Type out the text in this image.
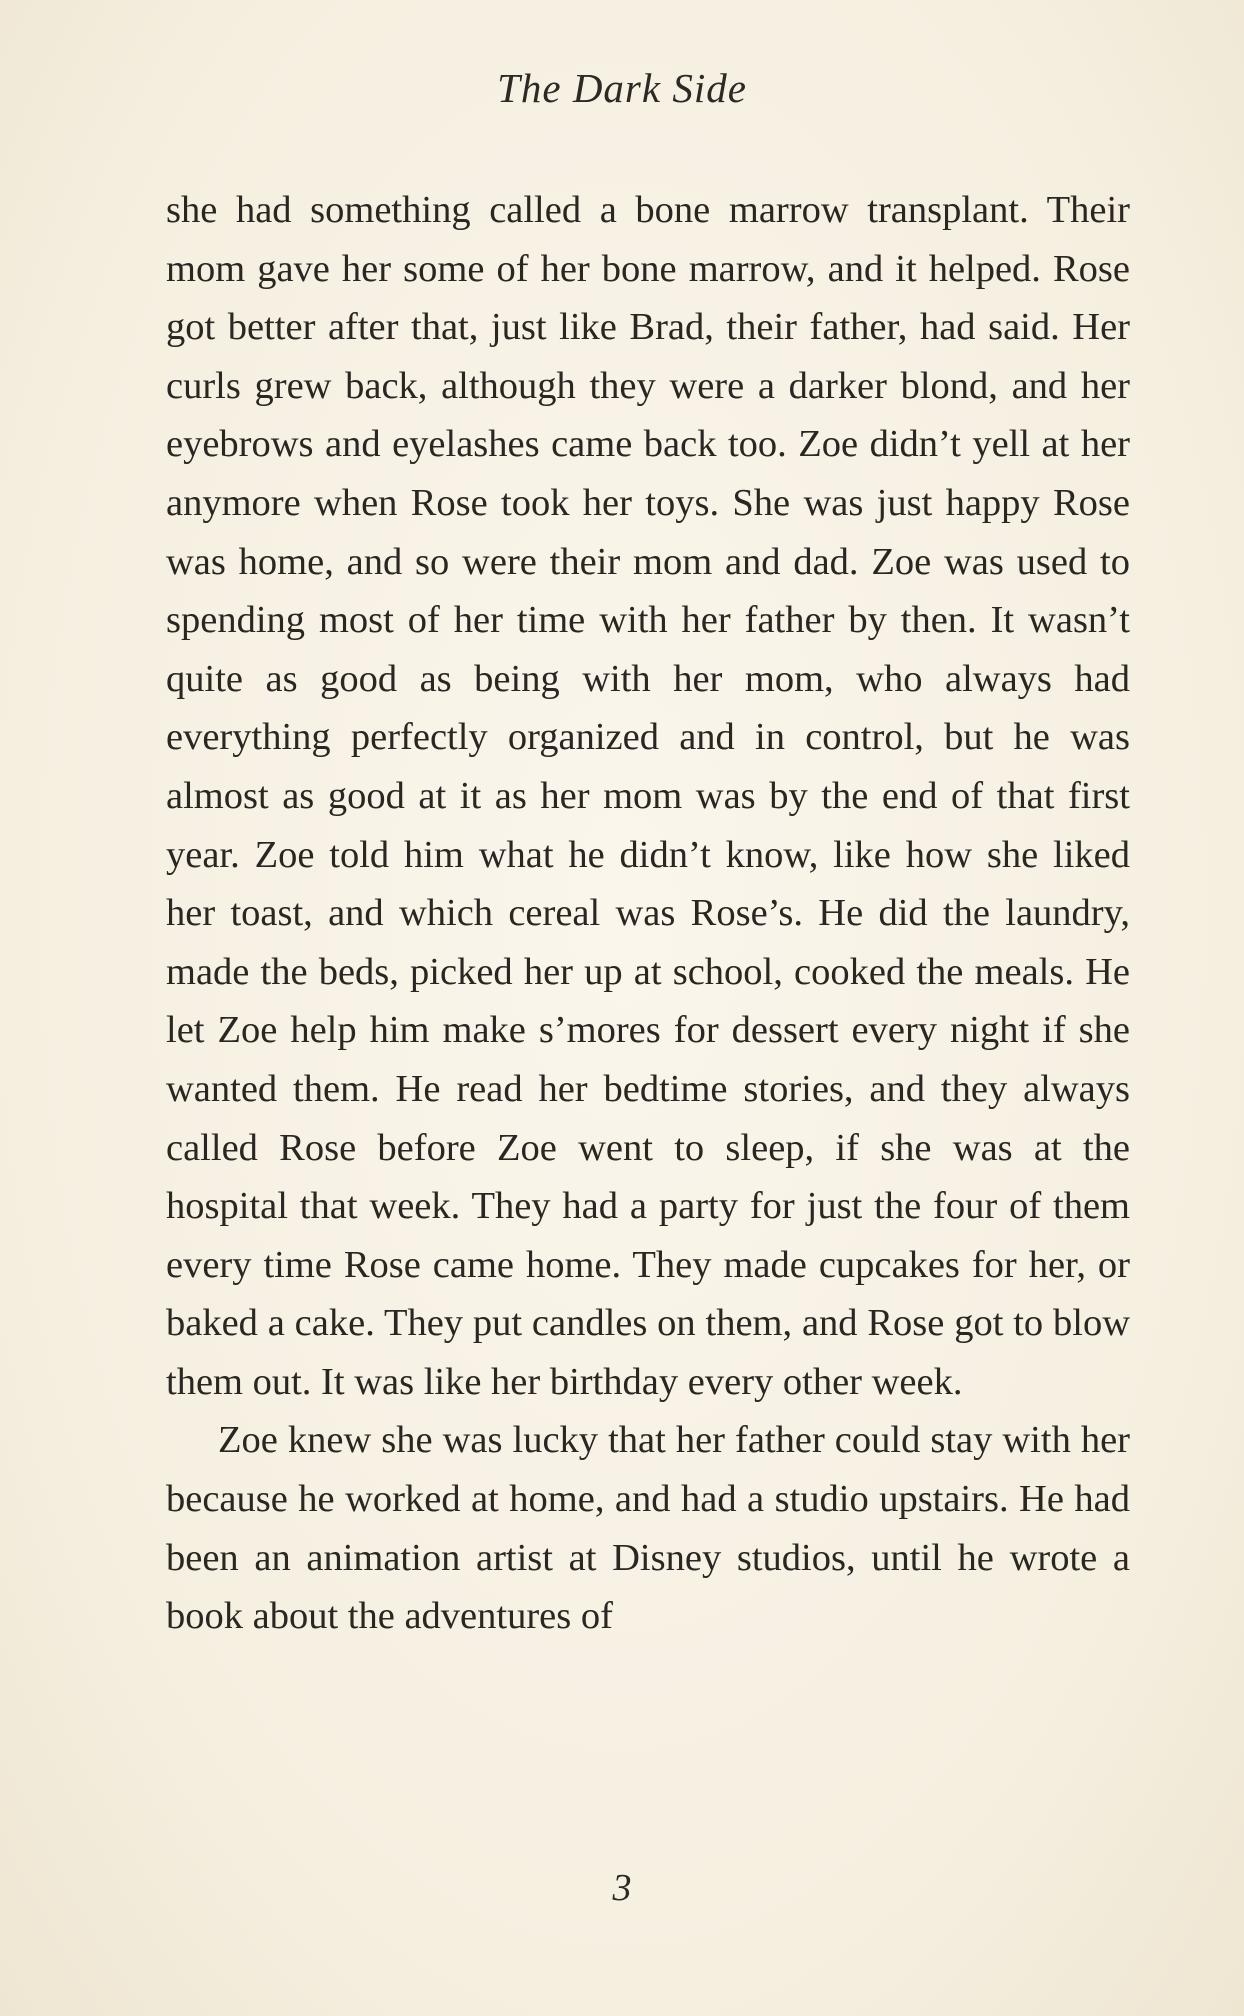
The Dark Side

she had something called a bone marrow transplant. Their mom gave her some of her bone marrow, and it helped. Rose got better after that, just like Brad, their father, had said. Her curls grew back, although they were a darker blond, and her eyebrows and eyelashes came back too. Zoe didn’t yell at her anymore when Rose took her toys. She was just happy Rose was home, and so were their mom and dad. Zoe was used to spending most of her time with her father by then. It wasn’t quite as good as being with her mom, who always had everything perfectly organized and in control, but he was almost as good at it as her mom was by the end of that first year. Zoe told him what he didn’t know, like how she liked her toast, and which cereal was Rose’s. He did the laundry, made the beds, picked her up at school, cooked the meals. He let Zoe help him make s’mores for dessert every night if she wanted them. He read her bedtime stories, and they always called Rose before Zoe went to sleep, if she was at the hospital that week. They had a party for just the four of them every time Rose came home. They made cupcakes for her, or baked a cake. They put candles on them, and Rose got to blow them out. It was like her birthday every other week.

Zoe knew she was lucky that her father could stay with her because he worked at home, and had a studio upstairs. He had been an animation artist at Disney studios, until he wrote a book about the adventures of

3
